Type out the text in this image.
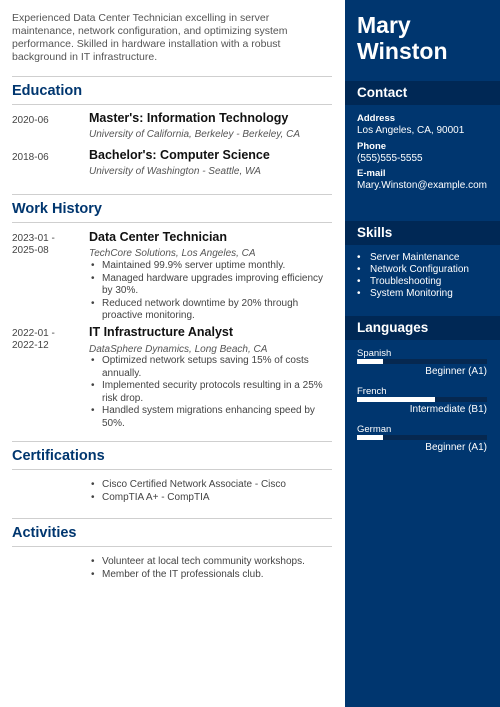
Experienced Data Center Technician excelling in server maintenance, network configuration, and optimizing system performance. Skilled in hardware installation with a robust background in IT infrastructure.
Education
2020-06	Master's: Information Technology
University of California, Berkeley - Berkeley, CA
2018-06	Bachelor's: Computer Science
University of Washington - Seattle, WA
Work History
2023-01 -
2025-08
Data Center Technician
TechCore Solutions, Los Angeles, CA
• Maintained 99.9% server uptime monthly.
• Managed hardware upgrades improving efficiency by 30%.
• Reduced network downtime by 20% through proactive monitoring.
2022-01 -
2022-12
IT Infrastructure Analyst
DataSphere Dynamics, Long Beach, CA
• Optimized network setups saving 15% of costs annually.
• Implemented security protocols resulting in a 25% risk drop.
• Handled system migrations enhancing speed by 50%.
Certifications
• Cisco Certified Network Associate - Cisco
• CompTIA A+ - CompTIA
Activities
• Volunteer at local tech community workshops.
• Member of the IT professionals club.
Mary
Winston
Contact
Address
Los Angeles, CA, 90001
Phone
(555)555-5555
E-mail
Mary.Winston@example.com
Skills
• Server Maintenance
• Network Configuration
• Troubleshooting
• System Monitoring
Languages
Spanish
Beginner (A1)
French
Intermediate (B1)
German
Beginner (A1)
